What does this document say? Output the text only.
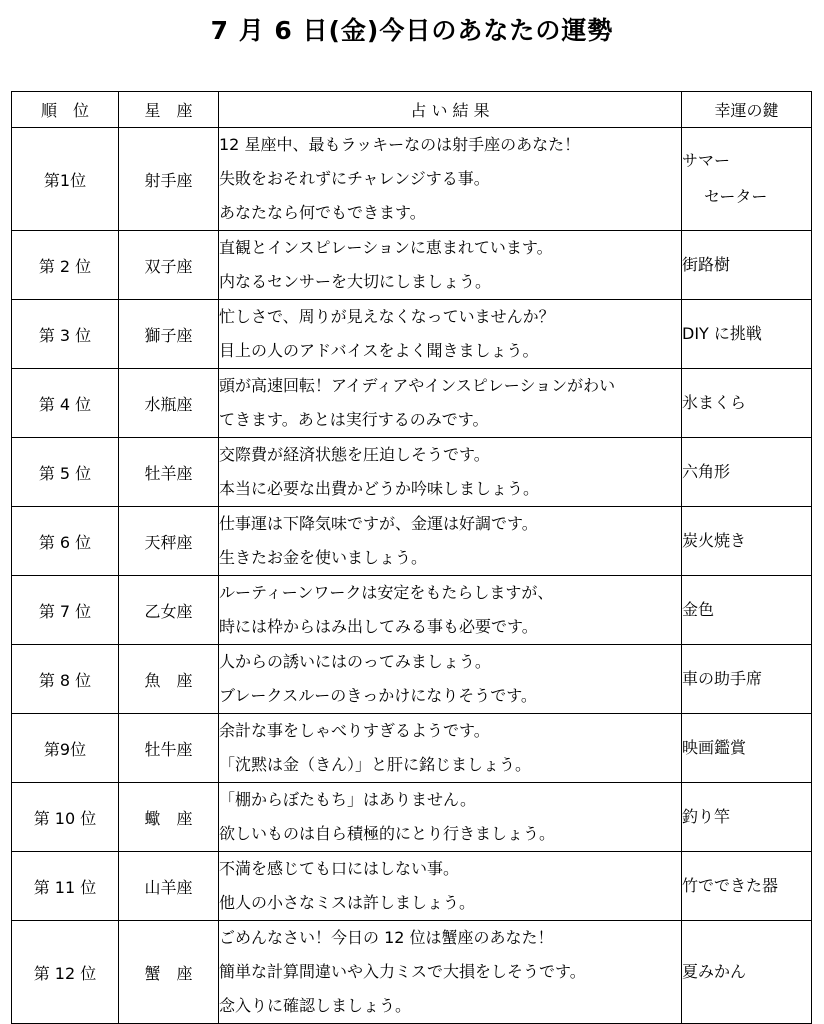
7 月 6 日(金)今日のあなたの運勢
順　位	星　座	占 い 結 果	幸運の鍵
第1位	射手座	12 星座中、最もラッキーなのは射手座のあなた！
失敗をおそれずにチャレンジする事。
あなたなら何でもできます。	サマー
セーター

第 2 位	双子座	直観とインスピレーションに恵まれています。
内なるセンサーを大切にしましょう。	街路樹

第 3 位	獅子座	忙しさで、周りが見えなくなっていませんか？
目上の人のアドバイスをよく聞きましょう。	DIY に挑戦

第 4 位	水瓶座	頭が高速回転！アイディアやインスピレーションがわい
てきます。あとは実行するのみです。	氷まくら

第 5 位	牡羊座	交際費が経済状態を圧迫しそうです。
本当に必要な出費かどうか吟味しましょう。	六角形

第 6 位	天秤座	仕事運は下降気味ですが、金運は好調です。
生きたお金を使いましょう。	炭火焼き

第 7 位	乙女座	ルーティーンワークは安定をもたらしますが、
時には枠からはみ出してみる事も必要です。	金色

第 8 位	魚　座	人からの誘いにはのってみましょう。
ブレークスルーのきっかけになりそうです。	車の助手席

第9位	牡牛座	余計な事をしゃべりすぎるようです。
「沈黙は金（きん）」と肝に銘じましょう。	映画鑑賞

第 10 位	蠍　座	「棚からぼたもち」はありません。
欲しいものは自ら積極的にとり行きましょう。	釣り竿

第 11 位	山羊座	不満を感じても口にはしない事。
他人の小さなミスは許しましょう。	竹でできた器

第 12 位	蟹　座	ごめんなさい！今日の 12 位は蟹座のあなた！
簡単な計算間違いや入力ミスで大損をしそうです。
念入りに確認しましょう。	夏みかん
